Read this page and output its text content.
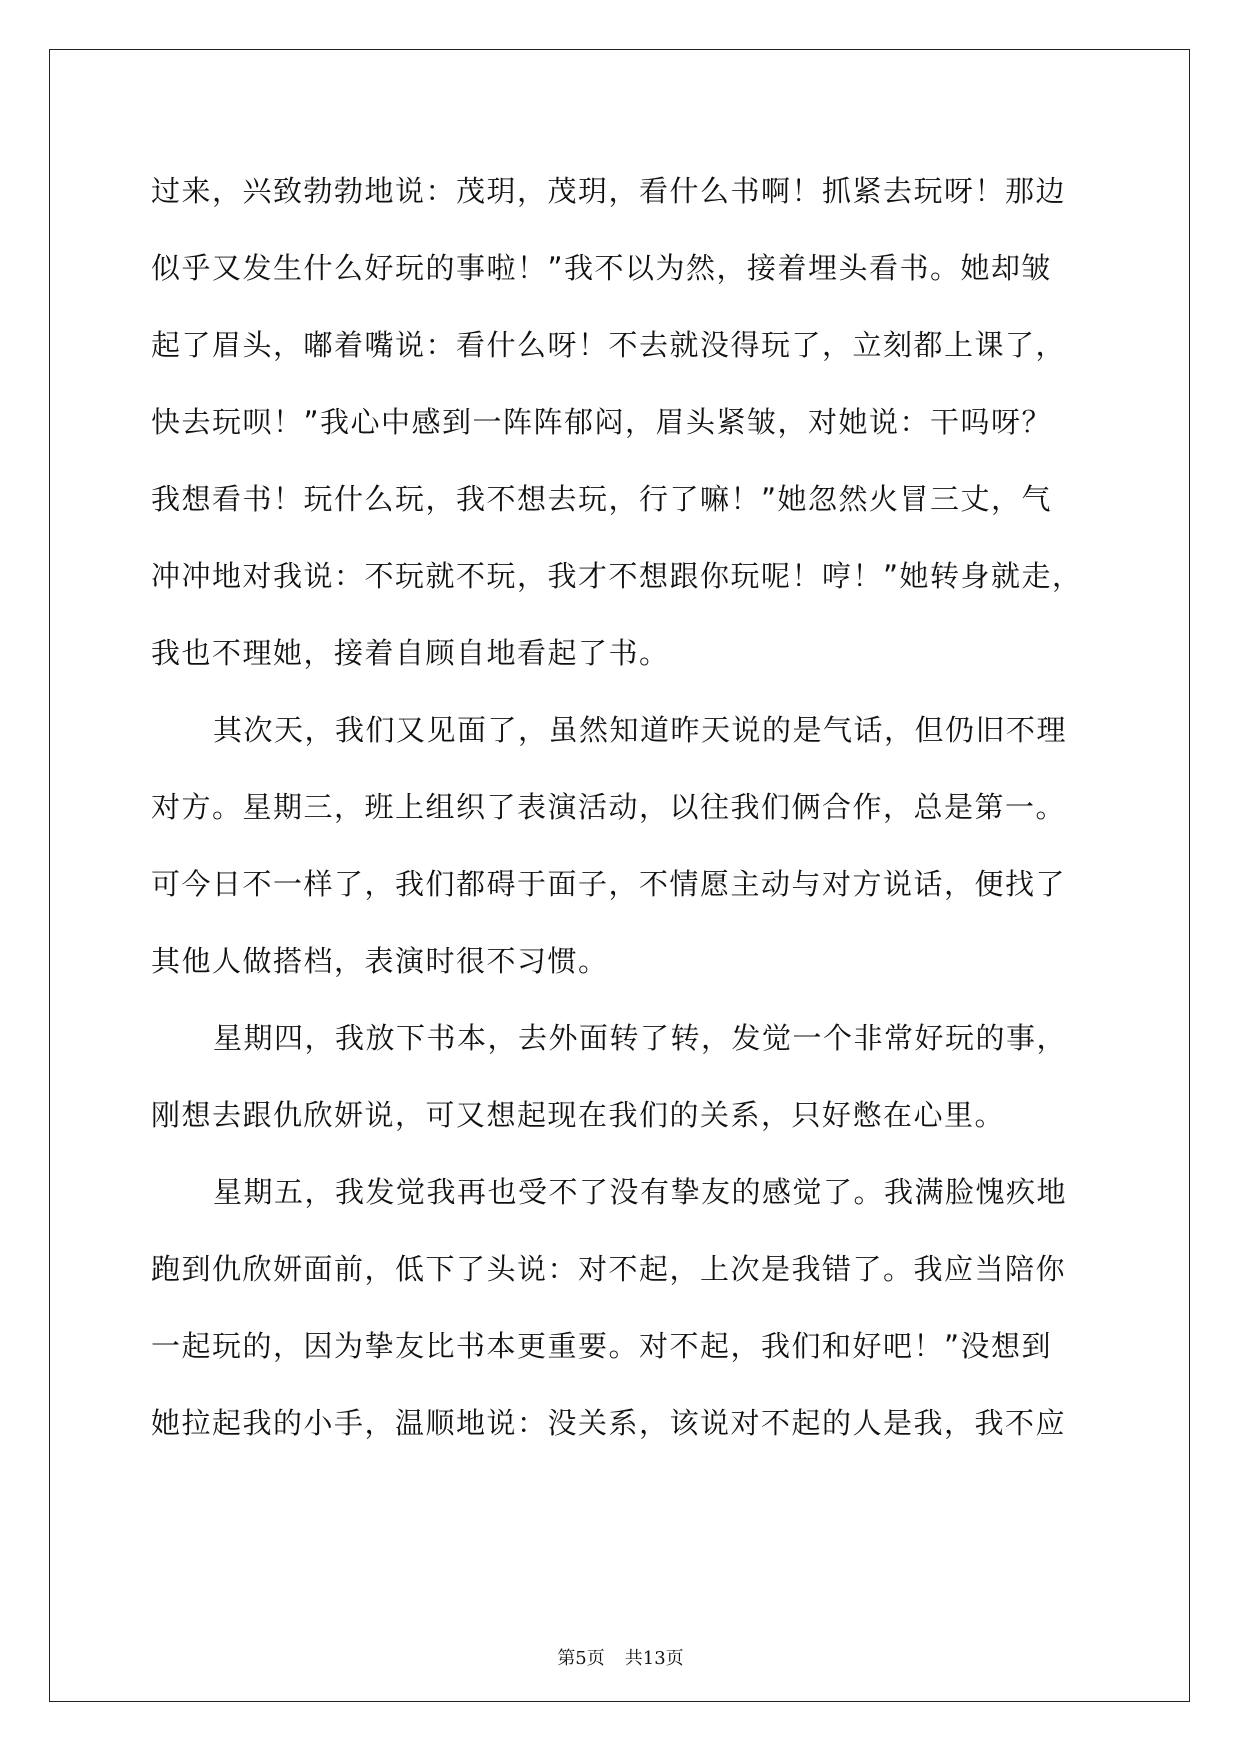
过来，兴致勃勃地说：茂玥，茂玥，看什么书啊！抓紧去玩呀！那边
似乎又发生什么好玩的事啦！”我不以为然，接着埋头看书。她却皱
起了眉头，嘟着嘴说：看什么呀！不去就没得玩了，立刻都上课了，
快去玩呗！”我心中感到一阵阵郁闷，眉头紧皱，对她说：干吗呀？
我想看书！玩什么玩，我不想去玩，行了嘛！”她忽然火冒三丈，气
冲冲地对我说：不玩就不玩，我才不想跟你玩呢！哼！”她转身就走，
我也不理她，接着自顾自地看起了书。
其次天，我们又见面了，虽然知道昨天说的是气话，但仍旧不理
对方。星期三，班上组织了表演活动，以往我们俩合作，总是第一。
可今日不一样了，我们都碍于面子，不情愿主动与对方说话，便找了
其他人做搭档，表演时很不习惯。
星期四，我放下书本，去外面转了转，发觉一个非常好玩的事，
刚想去跟仇欣妍说，可又想起现在我们的关系，只好憋在心里。
星期五，我发觉我再也受不了没有挚友的感觉了。我满脸愧疚地
跑到仇欣妍面前，低下了头说：对不起，上次是我错了。我应当陪你
一起玩的，因为挚友比书本更重要。对不起，我们和好吧！”没想到
她拉起我的小手，温顺地说：没关系，该说对不起的人是我，我不应
第5页 共13页
